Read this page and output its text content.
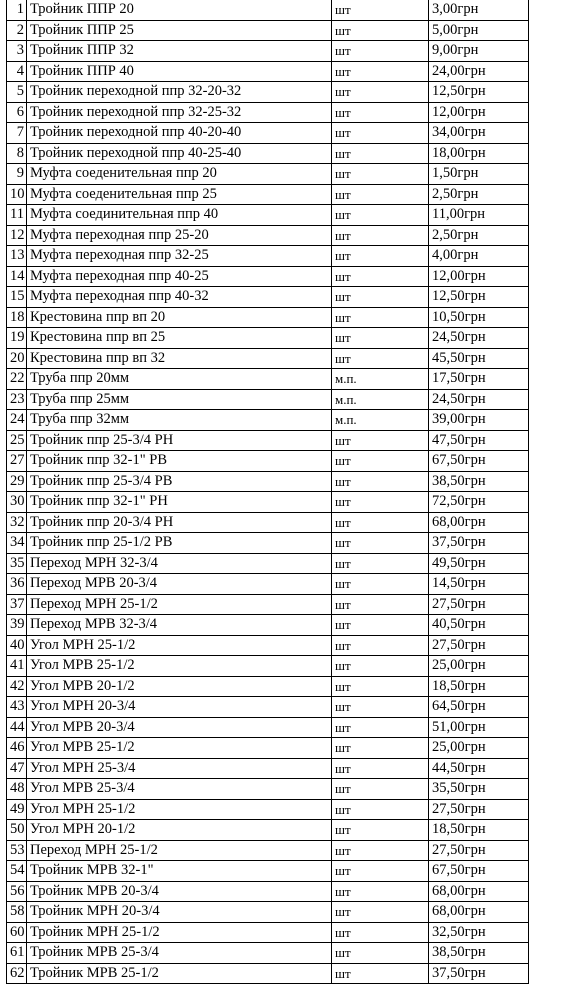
1	Тройник ППР 20	шт	3,00грн
2	Тройник ППР 25	шт	5,00грн
3	Тройник ППР 32	шт	9,00грн
4	Тройник ППР 40	шт	24,00грн
5	Тройник переходной ппр 32-20-32	шт	12,50грн
6	Тройник переходной ппр 32-25-32	шт	12,00грн
7	Тройник переходной ппр 40-20-40	шт	34,00грн
8	Тройник переходной ппр 40-25-40	шт	18,00грн
9	Муфта соеденительная ппр 20	шт	1,50грн
10	Муфта соеденительная ппр 25	шт	2,50грн
11	Муфта соединительная ппр 40	шт	11,00грн
12	Муфта переходная ппр 25-20	шт	2,50грн
13	Муфта переходная ппр 32-25	шт	4,00грн
14	Муфта переходная ппр 40-25	шт	12,00грн
15	Муфта переходная ппр 40-32	шт	12,50грн
18	Крестовина ппр вп 20	шт	10,50грн
19	Крестовина ппр вп 25	шт	24,50грн
20	Крестовина ппр вп 32	шт	45,50грн
22	Труба ппр 20мм	м.п.	17,50грн
23	Труба ппр 25мм	м.п.	24,50грн
24	Труба ппр 32мм	м.п.	39,00грн
25	Тройник ппр 25-3/4 РН	шт	47,50грн
27	Тройник ппр 32-1" РВ	шт	67,50грн
29	Тройник ппр 25-3/4 РВ	шт	38,50грн
30	Тройник ппр 32-1" РН	шт	72,50грн
32	Тройник ппр 20-3/4 РН	шт	68,00грн
34	Тройник ппр 25-1/2 РВ	шт	37,50грн
35	Переход МРН 32-3/4	шт	49,50грн
36	Переход МРВ 20-3/4	шт	14,50грн
37	Переход МРН 25-1/2	шт	27,50грн
39	Переход МРВ 32-3/4	шт	40,50грн
40	Угол МРН 25-1/2	шт	27,50грн
41	Угол МРВ 25-1/2	шт	25,00грн
42	Угол МРВ 20-1/2	шт	18,50грн
43	Угол МРН 20-3/4	шт	64,50грн
44	Угол МРВ 20-3/4	шт	51,00грн
46	Угол МРВ 25-1/2	шт	25,00грн
47	Угол МРН 25-3/4	шт	44,50грн
48	Угол МРВ 25-3/4	шт	35,50грн
49	Угол МРН 25-1/2	шт	27,50грн
50	Угол МРН 20-1/2	шт	18,50грн
53	Переход МРН 25-1/2	шт	27,50грн
54	Тройник МРВ 32-1"	шт	67,50грн
56	Тройник МРВ 20-3/4	шт	68,00грн
58	Тройник МРН 20-3/4	шт	68,00грн
60	Тройник МРН 25-1/2	шт	32,50грн
61	Тройник МРВ 25-3/4	шт	38,50грн
62	Тройник МРВ 25-1/2	шт	37,50грн
